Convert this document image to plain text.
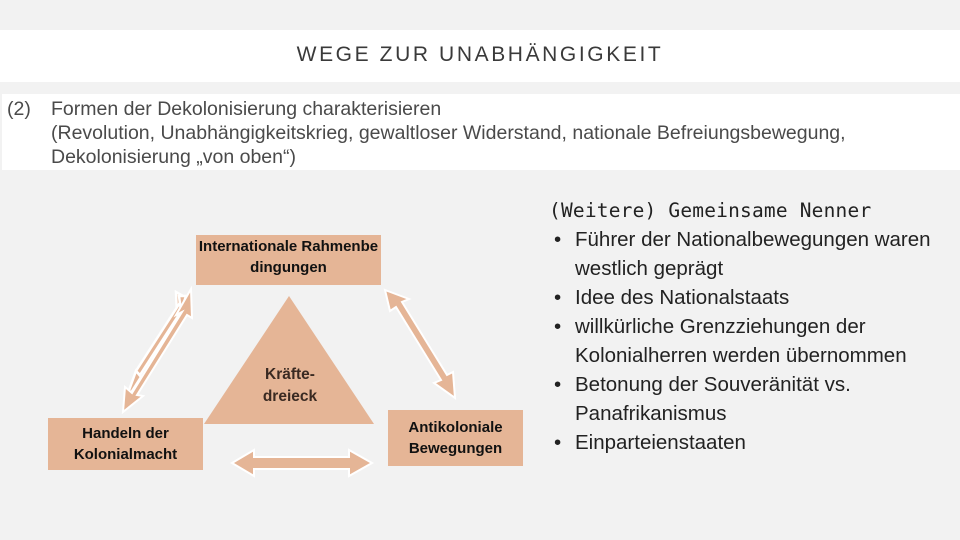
WEGE ZUR UNABHÄNGIGKEIT
(2) Formen der Dekolonisierung charakterisieren
(Revolution, Unabhängigkeitskrieg, gewaltloser Widerstand, nationale Befreiungsbewegung,
Dekolonisierung „von oben“)
Internationale Rahmenbedingungen
Handeln der Kolonialmacht
Antikoloniale Bewegungen
Kräfte-
dreieck
(Weitere) Gemeinsame Nenner
• Führer der Nationalbewegungen waren westlich geprägt
• Idee des Nationalstaats
• willkürliche Grenzziehungen der Kolonialherren werden übernommen
• Betonung der Souveränität vs. Panafrikanismus
• Einparteienstaaten
